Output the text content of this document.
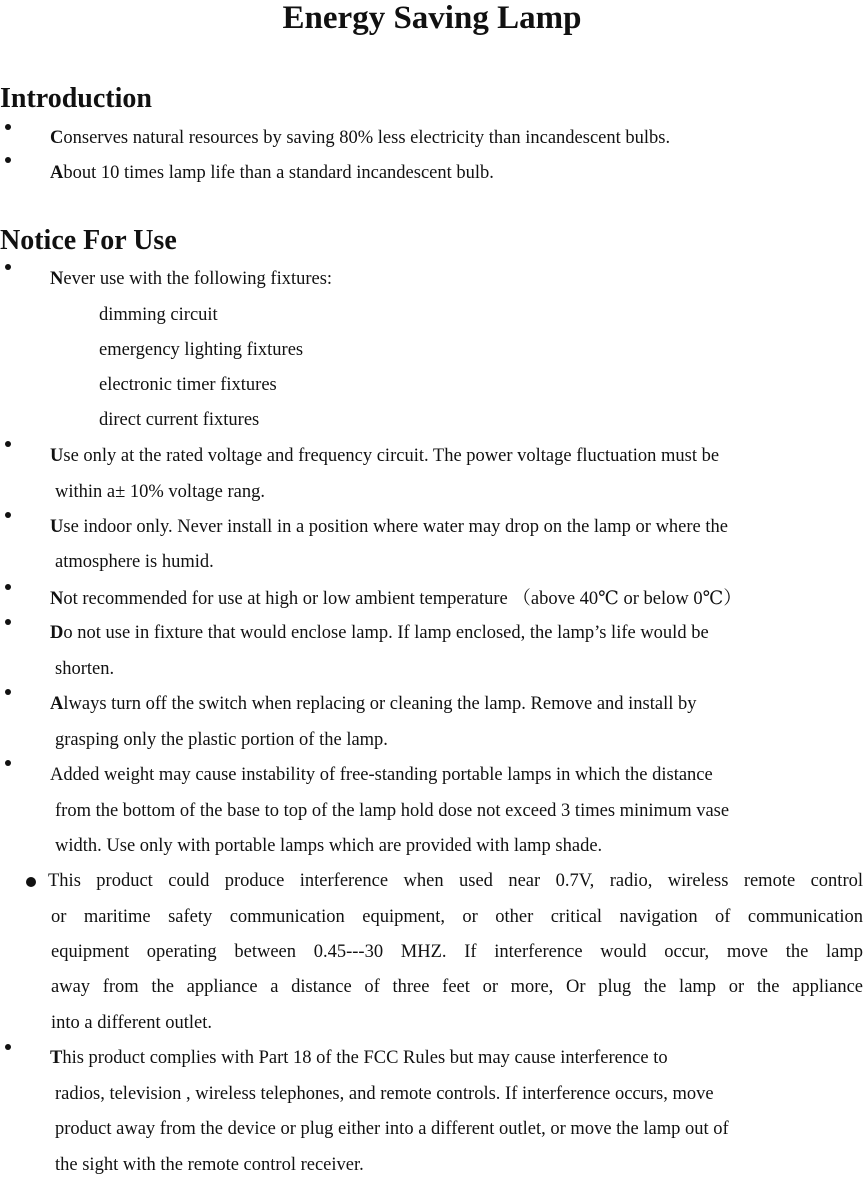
Energy Saving Lamp
Introduction

Conserves natural resources by saving 80% less electricity than incandescent bulbs.

About 10 times lamp life than a standard incandescent bulb.

Notice For Use

Never use with the following fixtures:

dimming circuit

emergency lighting fixtures

electronic timer fixtures

direct current fixtures

Use only at the rated voltage and frequency circuit. The power voltage fluctuation must be

within a± 10% voltage rang.

Use indoor only. Never install in a position where water may drop on the lamp or where the

atmosphere is humid.

Not recommended for use at high or low ambient temperature （above 40℃ or below 0℃）

Do not use in fixture that would enclose lamp. If lamp enclosed, the lamp’s life would be

shorten.

Always turn off the switch when replacing or cleaning the lamp. Remove and install by

grasping only the plastic portion of the lamp.

Added weight may cause instability of free-standing portable lamps in which the distance

from the bottom of the base to top of the lamp hold dose not exceed 3 times minimum vase

width. Use only with portable lamps which are provided with lamp shade.

This product could produce interference when used near 0.7V, radio, wireless remote control

or maritime safety communication equipment, or other critical navigation of communication

equipment operating between 0.45---30 MHZ. If interference would occur, move the lamp

away from the appliance a distance of three feet or more, Or plug the lamp or the appliance

into a different outlet.

This product complies with Part 18 of the FCC Rules but may cause interference to

radios, television , wireless telephones, and remote controls. If interference occurs, move

product away from the device or plug either into a different outlet, or move the lamp out of

the sight with the remote control receiver.
